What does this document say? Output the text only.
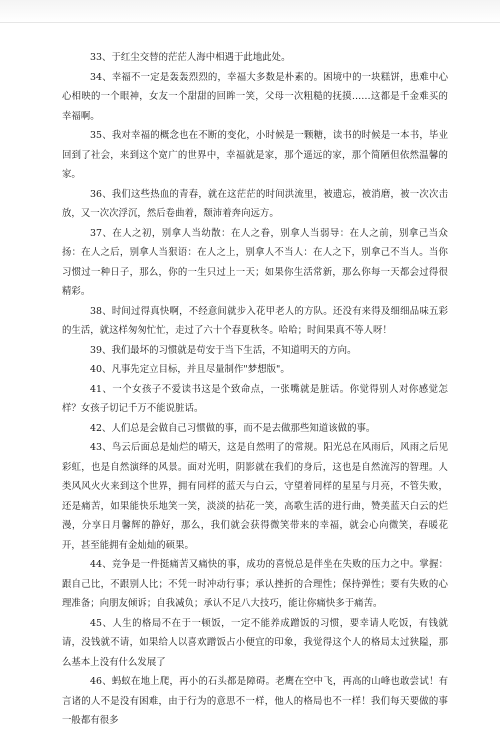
33、于红尘交替的茫茫人海中相遇于此地此处。

34、幸福不一定是轰轰烈烈的，幸福大多数是朴素的。困境中的一块糕饼，患难中心心相映的一个眼神，女友一个甜甜的回眸一笑，父母一次粗糙的抚摸……这都是千金难买的幸福啊。

35、我对幸福的概念也在不断的变化，小时候是一颗糖，读书的时候是一本书，毕业回到了社会，来到这个宽广的世界中，幸福就是家，那个遥远的家，那个简陋但依然温馨的家。

36、我们这些热血的青春，就在这茫茫的时间洪流里，被遗忘，被消磨，被一次次击放，又一次次浮沉，然后卷曲着，颓沛着奔向远方。

37、在人之初，别拿人当幼散：在人之眷，别拿人当弱导：在人之前，别拿己当众扬：在人之后，别拿人当狠语：在人之上，别拿人不当人：在人之下，别拿己不当人。当你习惯过一种日子，那么，你的一生只过上一天；如果你生活常新，那么你每一天都会过得很精彩。

38、时间过得真快啊，不经意间就步入花甲老人的方队。还没有来得及细细品味五彩的生活，就这样匆匆忙忙，走过了六十个春夏秋冬。哈哈；时间果真不等人呀！

39、我们最坏的习惯就是苟安于当下生活，不知道明天的方向。

40、凡事先定立目标，并且尽量制作"梦想版"。

41、一个女孩子不爱读书这是个致命点，一张嘴就是脏话。你觉得别人对你感觉怎样？女孩子切记千万不能说脏话。

42、人们总是会做自己习惯做的事，而不是去做那些知道该做的事。

43、鸟云后面总是灿烂的晴天，这是自然明了的常规。阳光总在风雨后，风雨之后见彩虹，也是自然演绎的风景。面对光明，阴影就在我们的身后，这也是自然流泻的智理。人类风风火火来到这个世界，拥有同样的蓝天与白云，守望着同样的星星与月亮，不管失败，还是痛苦，如果能快乐地笑一笑，淡淡的拈花一笑，高歌生活的进行曲，赞美蓝天白云的烂漫，分享日月馨辉的静好，那么，我们就会获得微笑带来的幸福，就会心向微笑，春暖花开，甚至能拥有金灿灿的硕果。

44、竞争是一件挺痛苦又痛快的事，成功的喜悦总是伴坐在失败的压力之中。掌握：跟自己比，不跟别人比；不凭一时冲动行事；承认挫折的合理性；保持弹性；要有失败的心理准备；向朋友倾诉；自我减负；承认不足八大技巧，能让你痛快多于痛苦。

45、人生的格局不在于一顿饭，一定不能养成蹭饭的习惯，要幸请人吃饭，有钱就请，没钱就不请，如果给人以喜欢蹭饭占小便宜的印象，我觉得这个人的格局太过狭隘，那么基本上没有什么发展了

46、蚂蚁在地上爬，再小的石头都是障碍。老鹰在空中飞，再高的山峰也敢尝试！有言诸的人不是没有困难，由于行为的意思不一样，他人的格局也不一样！我们每天要做的事一般都有很多
